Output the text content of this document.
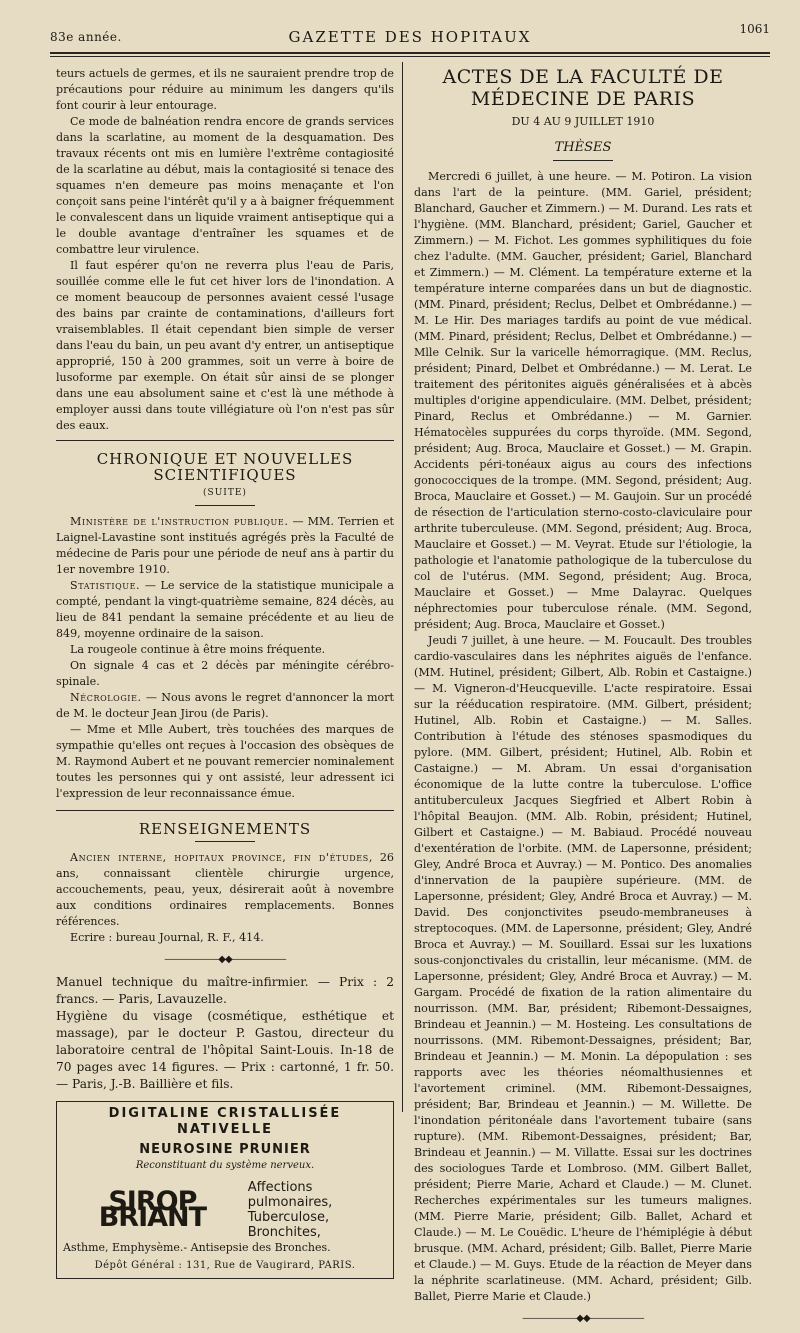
83e année.	GAZETTE DES HOPITAUX	1061

teurs actuels de germes, et ils ne sauraient prendre trop de précautions pour réduire au minimum les dangers qu'ils font courir à leur entourage.

Ce mode de balnéation rendra encore de grands services dans la scarlatine, au moment de la desquamation. Des travaux récents ont mis en lumière l'extrême contagiosité de la scarlatine au début, mais la contagiosité si tenace des squames n'en demeure pas moins menaçante et l'on conçoit sans peine l'intérêt qu'il y a à baigner fréquemment le convalescent dans un liquide vraiment antiseptique qui a le double avantage d'entraîner les squames et de combattre leur virulence.

Il faut espérer qu'on ne reverra plus l'eau de Paris, souillée comme elle le fut cet hiver lors de l'inondation. A ce moment beaucoup de personnes avaient cessé l'usage des bains par crainte de contaminations, d'ailleurs fort vraisemblables. Il était cependant bien simple de verser dans l'eau du bain, un peu avant d'y entrer, un antiseptique approprié, 150 à 200 grammes, soit un verre à boire de lusoforme par exemple. On était sûr ainsi de se plonger dans une eau absolument saine et c'est là une méthode à employer aussi dans toute villégiature où l'on n'est pas sûr des eaux.

CHRONIQUE ET NOUVELLES SCIENTIFIQUES
(SUITE)

Ministère de l'instruction publique. — MM. Terrien et Laignel-Lavastine sont institués agrégés près la Faculté de médecine de Paris pour une période de neuf ans à partir du 1er novembre 1910.

Statistique. — Le service de la statistique municipale a compté, pendant la vingt-quatrième semaine, 824 décès, au lieu de 841 pendant la semaine précédente et au lieu de 849, moyenne ordinaire de la saison.

La rougeole continue à être moins fréquente.

On signale 4 cas et 2 décès par méningite cérébro-spinale.

Nécrologie. — Nous avons le regret d'annoncer la mort de M. le docteur Jean Jirou (de Paris).

— Mme et Mlle Aubert, très touchées des marques de sympathie qu'elles ont reçues à l'occasion des obsèques de M. Raymond Aubert et ne pouvant remercier nominalement toutes les personnes qui y ont assisté, leur adressent ici l'expression de leur reconnaissance émue.

RENSEIGNEMENTS

Ancien interne, hopitaux province, fin d'études, 26 ans, connaissant clientèle chirurgie urgence, accouchements, peau, yeux, désirerait août à novembre aux conditions ordinaires remplacements. Bonnes références.

Ecrire : bureau Journal, R. F., 414.

——————◆◆——————

Manuel technique du maître-infirmier. — Prix : 2 francs. — Paris, Lavauzelle.

Hygiène du visage (cosmétique, esthétique et massage), par le docteur P. Gastou, directeur du laboratoire central de l'hôpital Saint-Louis. In-18 de 70 pages avec 14 figures. — Prix : cartonné, 1 fr. 50. — Paris, J.-B. Baillière et fils.

DIGITALINE CRISTALLISÉE NATIVELLE
NEUROSINE PRUNIER
Reconstituant du système nerveux.
SIROP BRIANT
Affections pulmonaires,
Tuberculose, Bronchites,
Asthme, Emphysème.- Antisepsie des Bronches.
Dépôt Général : 131, Rue de Vaugirard, PARIS.
ACTES DE LA FACULTÉ DE MÉDECINE DE PARIS
DU 4 AU 9 JUILLET 1910
THÈSES

Mercredi 6 juillet, à une heure. — M. Potiron. La vision dans l'art de la peinture. (MM. Gariel, président; Blanchard, Gaucher et Zimmern.) — M. Durand. Les rats et l'hygiène. (MM. Blanchard, président; Gariel, Gaucher et Zimmern.) — M. Fichot. Les gommes syphilitiques du foie chez l'adulte. (MM. Gaucher, président; Gariel, Blanchard et Zimmern.) — M. Clément. La température externe et la température interne comparées dans un but de diagnostic. (MM. Pinard, président; Reclus, Delbet et Ombrédanne.) — M. Le Hir. Des mariages tardifs au point de vue médical. (MM. Pinard, président; Reclus, Delbet et Ombrédanne.) — Mlle Celnik. Sur la varicelle hémorragique. (MM. Reclus, président; Pinard, Delbet et Ombrédanne.) — M. Lerat. Le traitement des péritonites aiguës généralisées et à abcès multiples d'origine appendiculaire. (MM. Delbet, président; Pinard, Reclus et Ombrédanne.) — M. Garnier. Hématocèles suppurées du corps thyroïde. (MM. Segond, président; Aug. Broca, Mauclaire et Gosset.) — M. Grapin. Accidents péri-tonéaux aigus au cours des infections gonococciques de la trompe. (MM. Segond, président; Aug. Broca, Mauclaire et Gosset.) — M. Gaujoin. Sur un procédé de résection de l'articulation sterno-costo-claviculaire pour arthrite tuberculeuse. (MM. Segond, président; Aug. Broca, Mauclaire et Gosset.) — M. Veyrat. Etude sur l'étiologie, la pathologie et l'anatomie pathologique de la tuberculose du col de l'utérus. (MM. Segond, président; Aug. Broca, Mauclaire et Gosset.) — Mme Dalayrac. Quelques néphrectomies pour tuberculose rénale. (MM. Segond, président; Aug. Broca, Mauclaire et Gosset.)

Jeudi 7 juillet, à une heure. — M. Foucault. Des troubles cardio-vasculaires dans les néphrites aiguës de l'enfance. (MM. Hutinel, président; Gilbert, Alb. Robin et Castaigne.) — M. Vigneron-d'Heucqueville. L'acte respiratoire. Essai sur la rééducation respiratoire. (MM. Gilbert, président; Hutinel, Alb. Robin et Castaigne.) — M. Salles. Contribution à l'étude des sténoses spasmodiques du pylore. (MM. Gilbert, président; Hutinel, Alb. Robin et Castaigne.) — M. Abram. Un essai d'organisation économique de la lutte contre la tuberculose. L'office antituberculeux Jacques Siegfried et Albert Robin à l'hôpital Beaujon. (MM. Alb. Robin, président; Hutinel, Gilbert et Castaigne.) — M. Babiaud. Procédé nouveau d'exentération de l'orbite. (MM. de Lapersonne, président; Gley, André Broca et Auvray.) — M. Pontico. Des anomalies d'innervation de la paupière supérieure. (MM. de Lapersonne, président; Gley, André Broca et Auvray.) — M. David. Des conjonctivites pseudo-membraneuses à streptocoques. (MM. de Lapersonne, président; Gley, André Broca et Auvray.) — M. Souillard. Essai sur les luxations sous-conjonctivales du cristallin, leur mécanisme. (MM. de Lapersonne, président; Gley, André Broca et Auvray.) — M. Gargam. Procédé de fixation de la ration alimentaire du nourrisson. (MM. Bar, président; Ribemont-Dessaignes, Brindeau et Jeannin.) — M. Hosteing. Les consultations de nourrissons. (MM. Ribemont-Dessaignes, président; Bar, Brindeau et Jeannin.) — M. Monin. La dépopulation : ses rapports avec les théories néomalthusiennes et l'avortement criminel. (MM. Ribemont-Dessaignes, président; Bar, Brindeau et Jeannin.) — M. Willette. De l'inondation péritonéale dans l'avortement tubaire (sans rupture). (MM. Ribemont-Dessaignes, président; Bar, Brindeau et Jeannin.) — M. Villatte. Essai sur les doctrines des sociologues Tarde et Lombroso. (MM. Gilbert Ballet, président; Pierre Marie, Achard et Claude.) — M. Clunet. Recherches expérimentales sur les tumeurs malignes. (MM. Pierre Marie, président; Gilb. Ballet, Achard et Claude.) — M. Le Couëdic. L'heure de l'hémiplégie à début brusque. (MM. Achard, président; Gilb. Ballet, Pierre Marie et Claude.) — M. Guys. Etude de la réaction de Meyer dans la néphrite scarlatineuse. (MM. Achard, président; Gilb. Ballet, Pierre Marie et Claude.)

——————◆◆——————
